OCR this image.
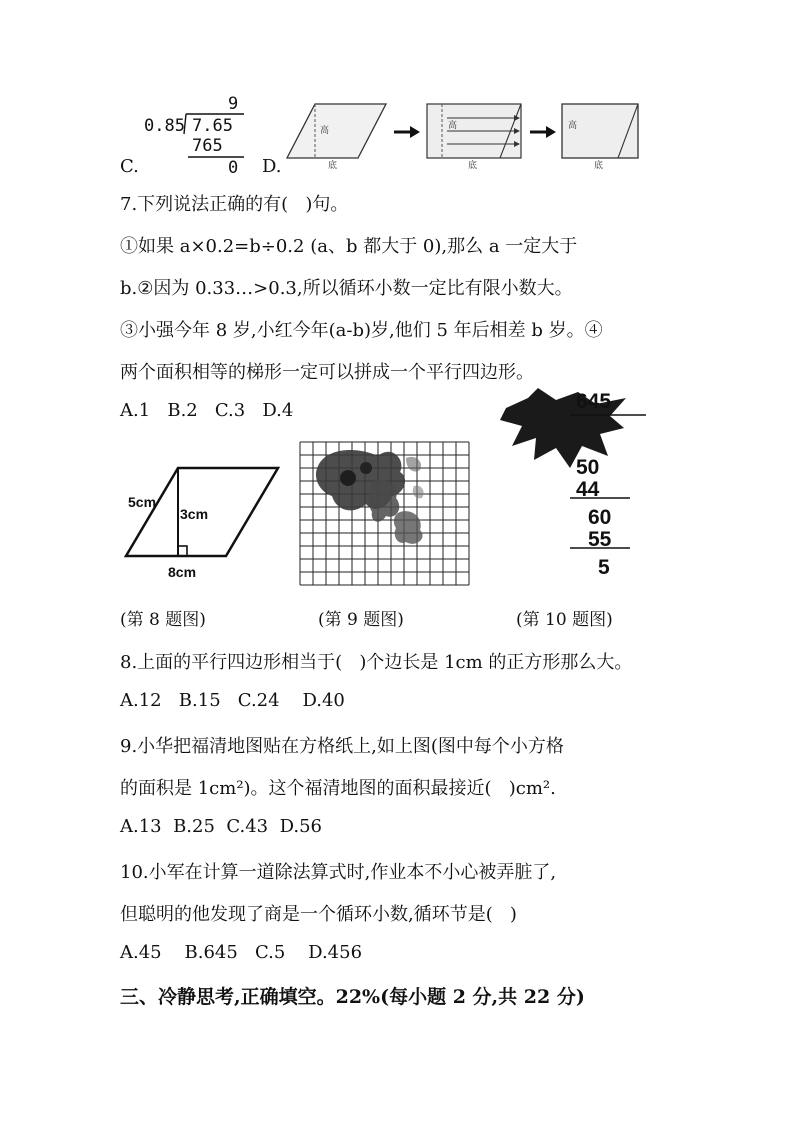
C.
9
0.85 7.65
765
0 D.
高
底
高
底
高
底
7.下列说法正确的有(   )句。
①如果 a×0.2=b÷0.2 (a、b 都大于 0),那么 a 一定大于
b.②因为 0.33…>0.3,所以循环小数一定比有限小数大。
③小强今年 8 岁,小红今年(a-b)岁,他们 5 年后相差 b 岁。④
两个面积相等的梯形一定可以拼成一个平行四边形。
A.1   B.2   C.3   D.4
5cm
3cm
8cm
645
50
44
60
55
5
(第 8 题图)	(第 9 题图)	(第 10 题图)
8.上面的平行四边形相当于(   )个边长是 1cm 的正方形那么大。
A.12   B.15   C.24    D.40
9.小华把福清地图贴在方格纸上,如上图(图中每个小方格
的面积是 1cm²)。这个福清地图的面积最接近(   )cm².
A.13  B.25  C.43  D.56
10.小军在计算一道除法算式时,作业本不小心被弄脏了,
但聪明的他发现了商是一个循环小数,循环节是(   )
A.45    B.645   C.5    D.456
三、冷静思考,正确填空。22%(每小题 2 分,共 22 分)
